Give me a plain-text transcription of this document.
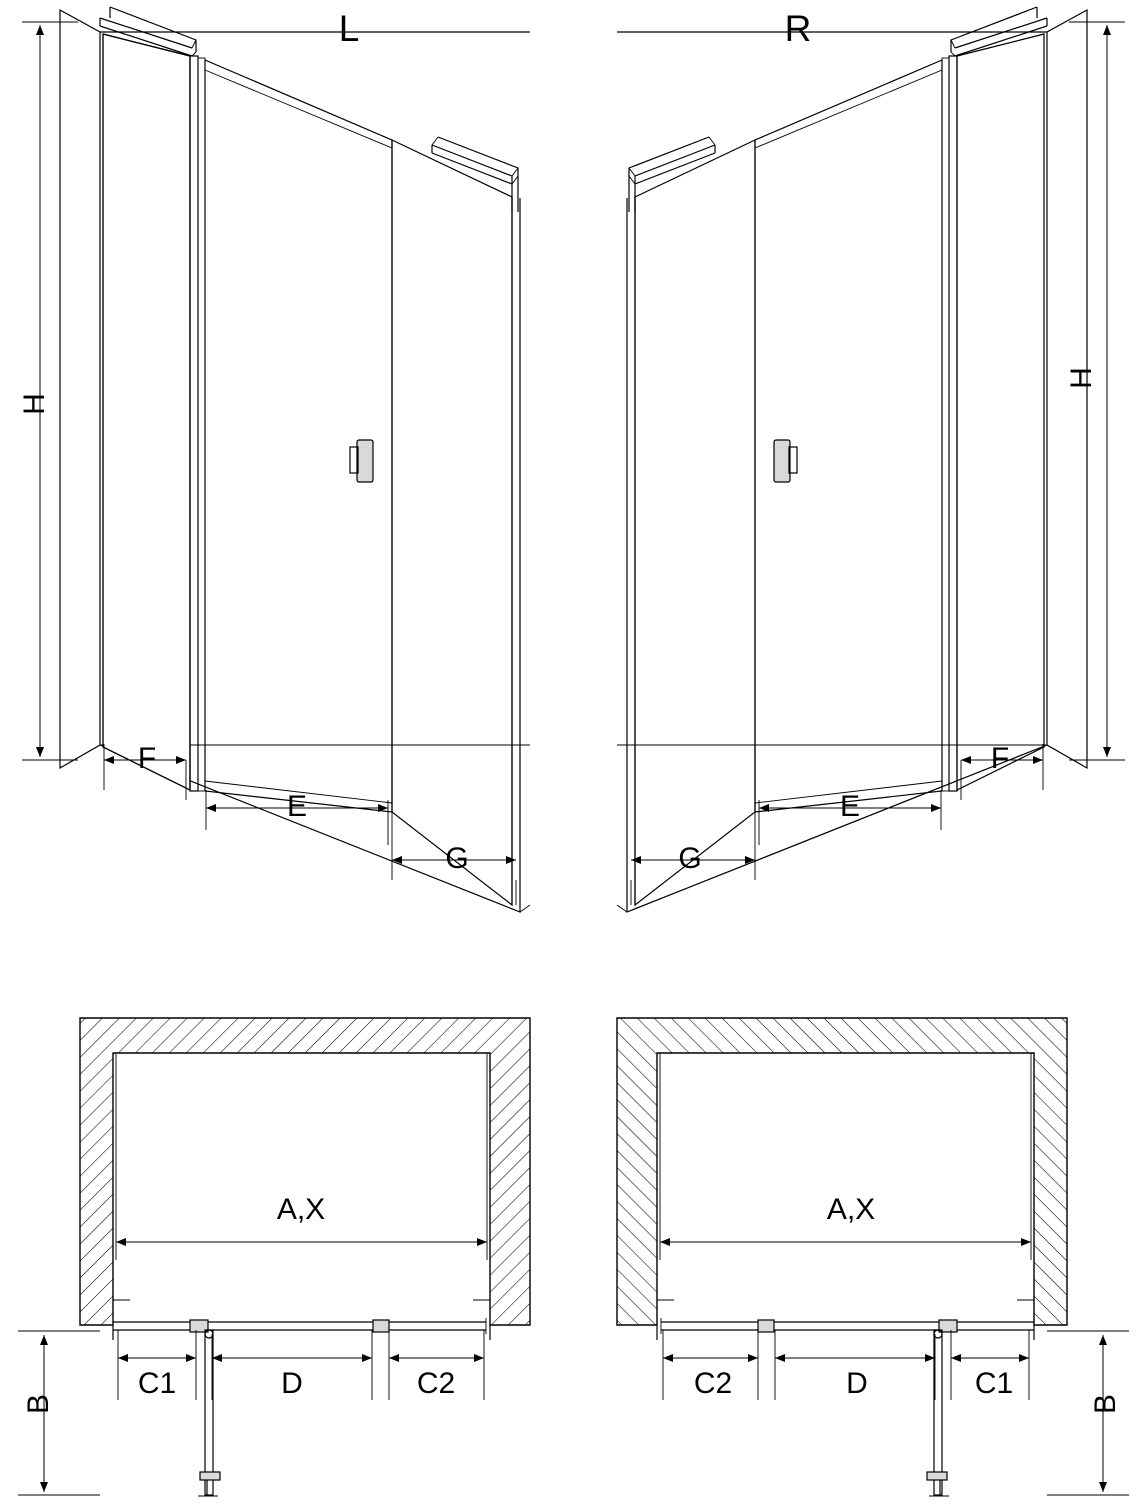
L
H
F
E
G
R
H
F
E
G
A,X
C1	D	C2
B
A,X
C1
D
C2
B
